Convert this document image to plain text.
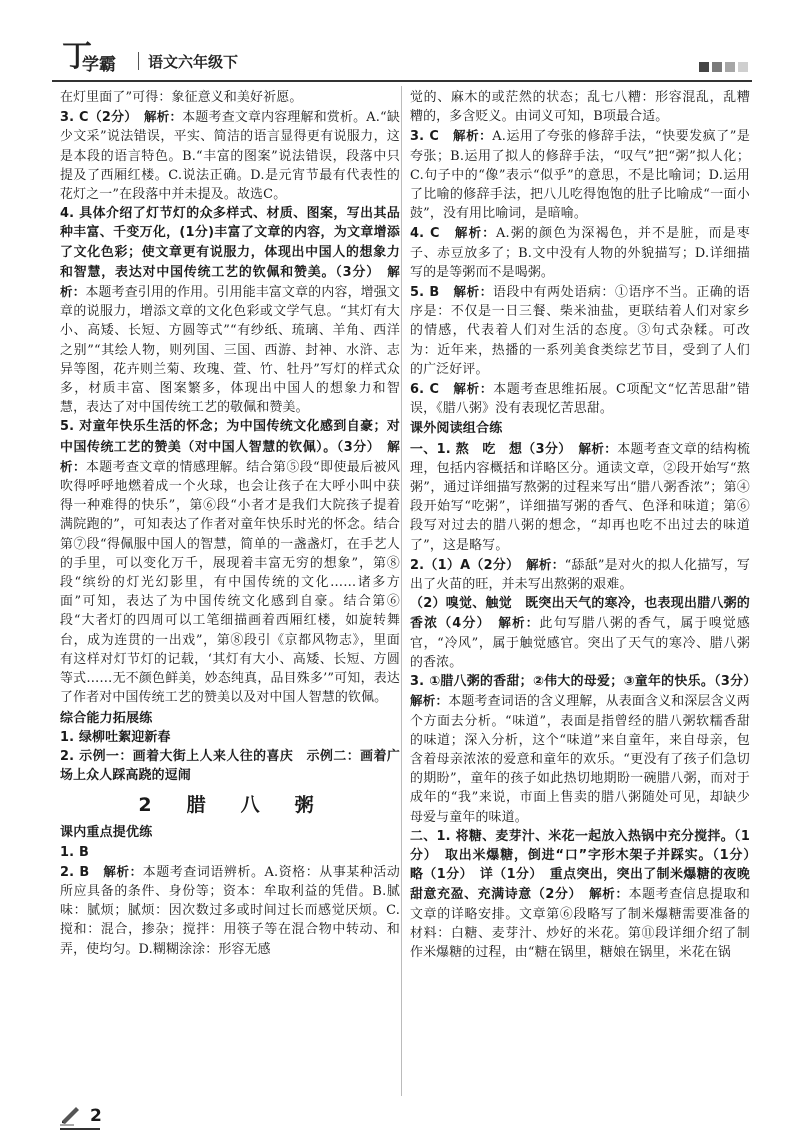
丁
学霸 语文六年级下

在灯里面了”可得：象征意义和美好祈愿。

3. C（2分）　 解析：本题考查文章内容理解和赏析。A.“缺少文采”说法错误，平实、简洁的语言显得更有说服力，这是本段的语言特色。B.“丰富的图案”说法错误，段落中只提及了西厢红楼。C.说法正确。D.是元宵节最有代表性的花灯之一”在段落中并未提及。故选C。

4. 具体介绍了灯节灯的众多样式、材质、图案，写出其品种丰富、千变万化，(1分)丰富了文章的内容，为文章增添了文化色彩；使文章更有说服力，体现出中国人的想象力和智慧，表达对中国传统工艺的钦佩和赞美。（3分）　 解析：本题考查引用的作用。引用能丰富文章的内容，增强文章的说服力，增添文章的文化色彩或文学气息。“其灯有大小、高矮、长短、方圆等式”“有纱纸、琉璃、羊角、西洋之别”“其绘人物，则列国、三国、西游、封神、水浒、志异等图，花卉则兰菊、玫瑰、萱、竹、牡丹”写灯的样式众多，材质丰富、图案繁多，体现出中国人的想象力和智慧，表达了对中国传统工艺的敬佩和赞美。

5. 对童年快乐生活的怀念；为中国传统文化感到自豪；对中国传统工艺的赞美（对中国人智慧的钦佩）。（3分）　 解析：本题考查文章的情感理解。结合第⑤段“即使最后被风吹得呼呼地燃着成一个火球，也会让孩子在大呼小叫中获得一种难得的快乐”，第⑥段“小者才是我们大院孩子提着满院跑的”，可知表达了作者对童年快乐时光的怀念。结合第⑦段“得佩服中国人的智慧，简单的一盏盏灯，在手艺人的手里，可以变化万千，展现着丰富无穷的想象”，第⑧段“缤纷的灯光幻影里，有中国传统的文化……诸多方面”可知，表达了为中国传统文化感到自豪。结合第⑥段“大者灯的四周可以工笔细描画着西厢红楼，如旋转舞台，成为连贯的一出戏”，第⑧段引《京都风物志》，里面有这样对灯节灯的记载，‘其灯有大小、高矮、长短、方圆等式……无不颜色鲜美，妙态纯真，品目殊多’”可知，表达了作者对中国传统工艺的赞美以及对中国人智慧的钦佩。

综合能力拓展练

1. 绿柳吐絮迎新春

2. 示例一：画着大街上人来人往的喜庆　示例二：画着广场上众人踩高跷的逗闹

2　腊　八　粥

课内重点提优练

1. B

2. B　 解析：本题考查词语辨析。A.资格：从事某种活动所应具备的条件、身份等；资本：牟取利益的凭借。B.腻味：腻烦；腻烦：因次数过多或时间过长而感觉厌烦。C.搅和：混合，掺杂；搅拌：用筷子等在混合物中转动、和弄，使均匀。D.糊糊涂涂：形容无感

觉的、麻木的或茫然的状态；乱七八糟：形容混乱，乱糟糟的，多含贬义。由词义可知，B项最合适。

3. C　 解析：A.运用了夸张的修辞手法，“快要发疯了”是夸张；B.运用了拟人的修辞手法，“叹气”把“粥”拟人化；C.句子中的“像”表示“似乎”的意思，不是比喻词；D.运用了比喻的修辞手法，把八儿吃得饱饱的肚子比喻成“一面小鼓”，没有用比喻词，是暗喻。

4. C　 解析：A.粥的颜色为深褐色，并不是脏，而是枣子、赤豆放多了；B.文中没有人物的外貌描写；D.详细描写的是等粥而不是喝粥。

5. B　 解析：语段中有两处语病：①语序不当。正确的语序是：不仅是一日三餐、柴米油盐，更联结着人们对家乡的情感，代表着人们对生活的态度。③句式杂糅。可改为：近年来，热播的一系列美食类综艺节目，受到了人们的广泛好评。

6. C　 解析：本题考查思维拓展。C项配文“忆苦思甜”错误，《腊八粥》没有表现忆苦思甜。

课外阅读组合练

一、1. 熬　吃　想（3分）　 解析：本题考查文章的结构梳理，包括内容概括和详略区分。通读文章，②段开始写“熬粥”，通过详细描写熬粥的过程来写出“腊八粥香浓”；第④段开始写“吃粥”，详细描写粥的香气、色泽和味道；第⑥段写对过去的腊八粥的想念，“却再也吃不出过去的味道了”，这是略写。

2.（1）A（2分）　 解析：“舔舐”是对火的拟人化描写，写出了火苗的旺，并未写出熬粥的艰难。

（2）嗅觉、触觉　既突出天气的寒冷，也表现出腊八粥的香浓（4分）　 解析：此句写腊八粥的香气，属于嗅觉感官，“冷风”，属于触觉感官。突出了天气的寒冷、腊八粥的香浓。

3. ①腊八粥的香甜；②伟大的母爱；③童年的快乐。（3分）　解析：本题考查词语的含义理解，从表面含义和深层含义两个方面去分析。“味道”，表面是指曾经的腊八粥软糯香甜的味道；深入分析，这个“味道”来自童年，来自母亲，包含着母亲浓浓的爱意和童年的欢乐。“更没有了孩子们急切的期盼”，童年的孩子如此热切地期盼一碗腊八粥，而对于成年的“我”来说，市面上售卖的腊八粥随处可见，却缺少母爱与童年的味道。

二、1. 将糖、麦芽汁、米花一起放入热锅中充分搅拌。（1分）　取出米爆糖，倒进“口”字形木架子并踩实。（1分）　略（1分）　详（1分）　重点突出，突出了制米爆糖的夜晚甜意充盈、充满诗意（2分）　 解析：本题考查信息提取和文章的详略安排。文章第⑥段略写了制米爆糖需要准备的材料：白糖、麦芽汁、炒好的米花。第⑪段详细介绍了制作米爆糖的过程，由“糖在锅里，糖娘在锅里，米花在锅

2
